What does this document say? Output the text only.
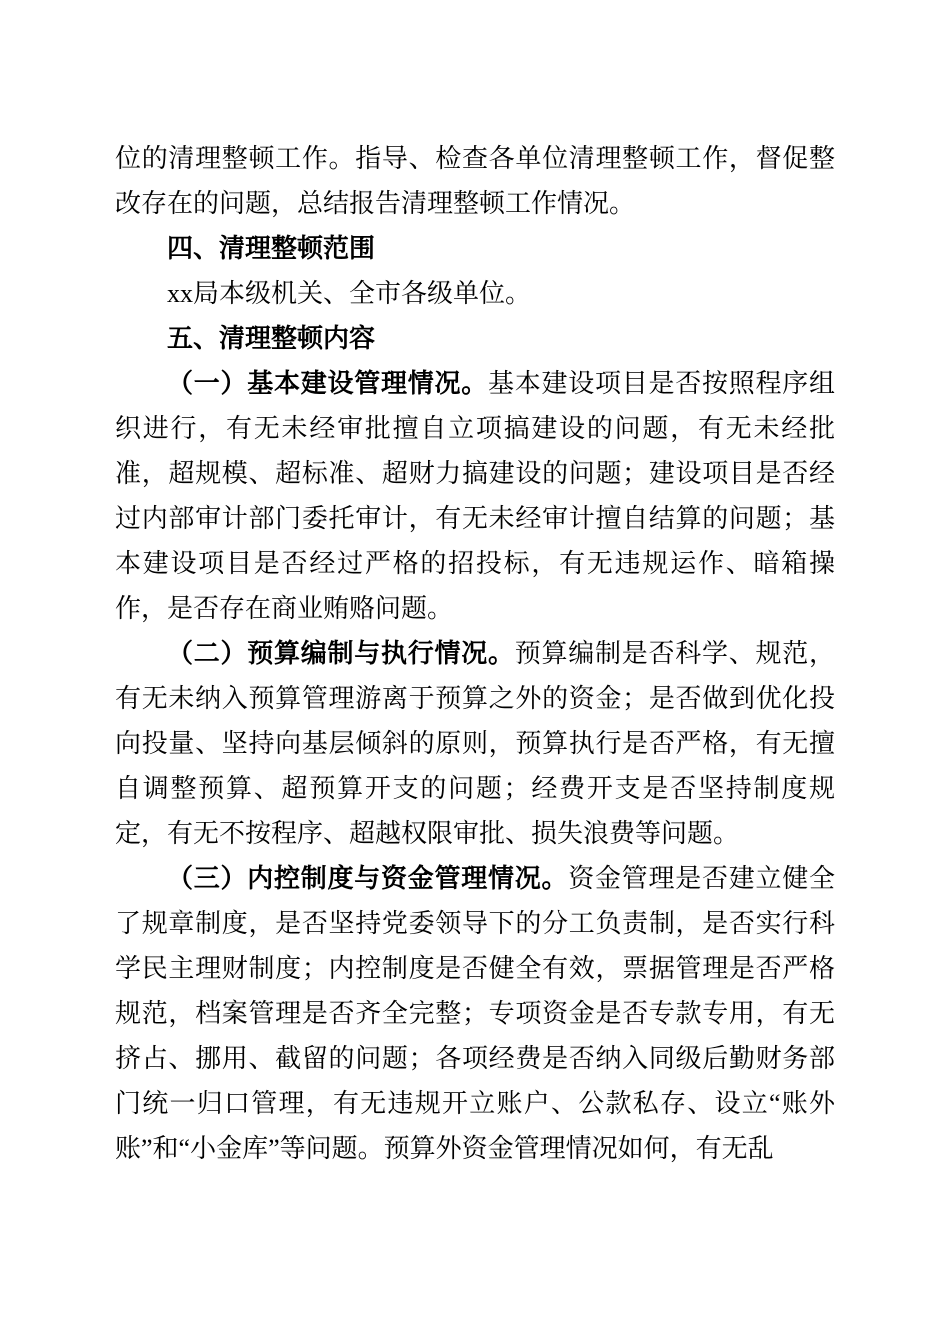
位的清理整顿工作。指导、检查各单位清理整顿工作，督促整改存在的问题，总结报告清理整顿工作情况。

四、清理整顿范围

xx局本级机关、全市各级单位。

五、清理整顿内容

（一）基本建设管理情况。基本建设项目是否按照程序组织进行，有无未经审批擅自立项搞建设的问题，有无未经批准，超规模、超标准、超财力搞建设的问题；建设项目是否经过内部审计部门委托审计，有无未经审计擅自结算的问题；基本建设项目是否经过严格的招投标，有无违规运作、暗箱操作，是否存在商业贿赂问题。

（二）预算编制与执行情况。预算编制是否科学、规范，有无未纳入预算管理游离于预算之外的资金；是否做到优化投向投量、坚持向基层倾斜的原则，预算执行是否严格，有无擅自调整预算、超预算开支的问题；经费开支是否坚持制度规定，有无不按程序、超越权限审批、损失浪费等问题。

（三）内控制度与资金管理情况。资金管理是否建立健全了规章制度，是否坚持党委领导下的分工负责制，是否实行科学民主理财制度；内控制度是否健全有效，票据管理是否严格规范，档案管理是否齐全完整；专项资金是否专款专用，有无挤占、挪用、截留的问题；各项经费是否纳入同级后勤财务部门统一归口管理，有无违规开立账户、公款私存、设立“账外账”和“小金库”等问题。预算外资金管理情况如何，有无乱
